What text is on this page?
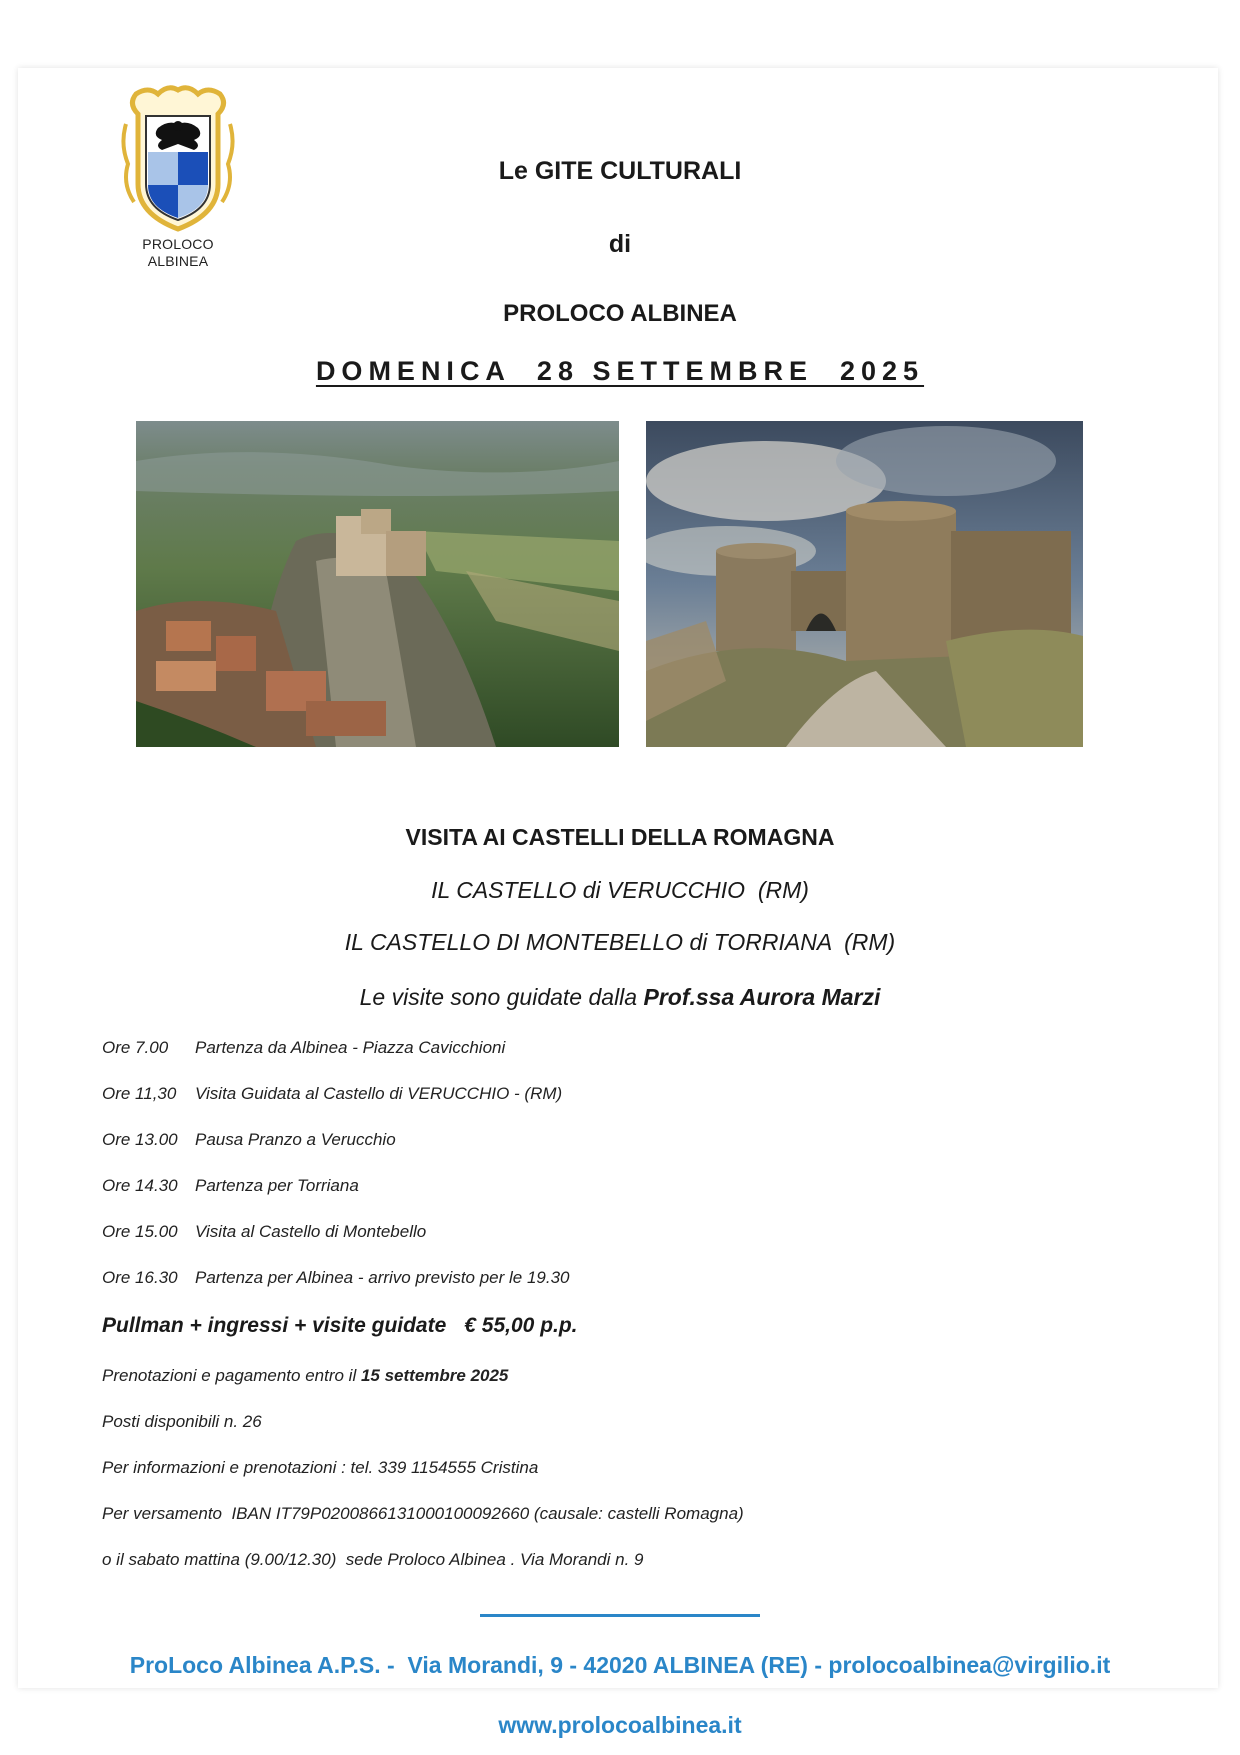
PROLOCO
ALBINEA
Le GITE CULTURALI
di
PROLOCO ALBINEA
DOMENICA  28 SETTEMBRE  2025
VISITA AI CASTELLI DELLA ROMAGNA
IL CASTELLO di VERUCCHIO  (RM)
IL CASTELLO DI MONTEBELLO di TORRIANA  (RM)
Le visite sono guidate dalla Prof.ssa Aurora Marzi
Ore 7.00 Partenza da Albinea - Piazza Cavicchioni
Ore 11,30 Visita Guidata al Castello di VERUCCHIO - (RM)
Ore 13.00 Pausa Pranzo a Verucchio
Ore 14.30 Partenza per Torriana
Ore 15.00 Visita al Castello di Montebello
Ore 16.30 Partenza per Albinea - arrivo previsto per le 19.30
Pullman + ingressi + visite guidate € 55,00 p.p.
Prenotazioni e pagamento entro il 15 settembre 2025
Posti disponibili n. 26
Per informazioni e prenotazioni : tel. 339 1154555 Cristina
Per versamento  IBAN IT79P0200866131000100092660 (causale: castelli Romagna)
o il sabato mattina (9.00/12.30)  sede Proloco Albinea . Via Morandi n. 9
ProLoco Albinea A.P.S. -  Via Morandi, 9 - 42020 ALBINEA (RE) - prolocoalbinea@virgilio.it
www.prolocoalbinea.it
